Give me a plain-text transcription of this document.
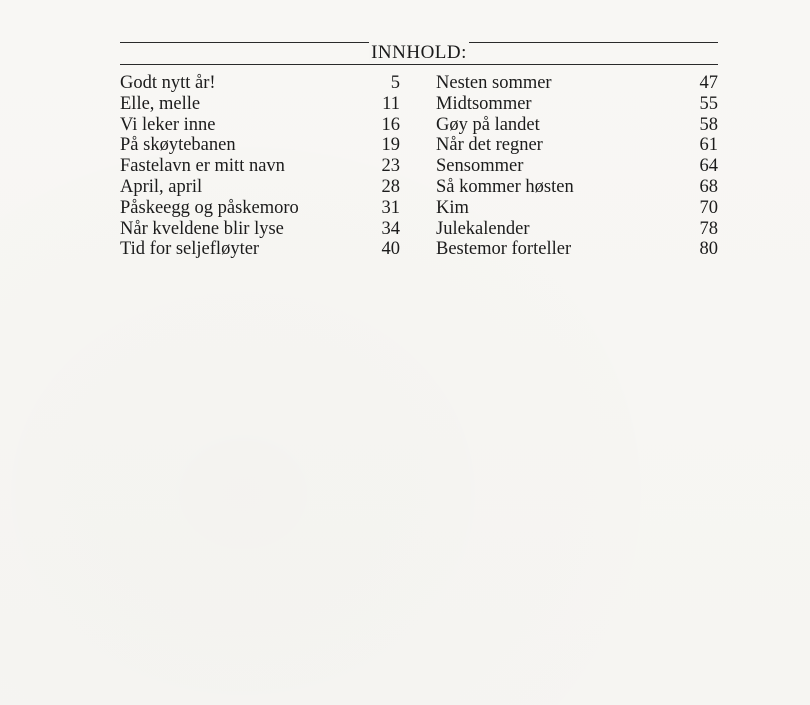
INNHOLD:
Godt nytt år!	5
Elle, melle	11
Vi leker inne	16
På skøytebanen	19
Fastelavn er mitt navn	23
April, april	28
Påskeegg og påskemoro	31
Når kveldene blir lyse	34
Tid for seljefløyter	40
Nesten sommer	47
Midtsommer	55
Gøy på landet	58
Når det regner	61
Sensommer	64
Så kommer høsten	68
Kim	70
Julekalender	78
Bestemor forteller	80
